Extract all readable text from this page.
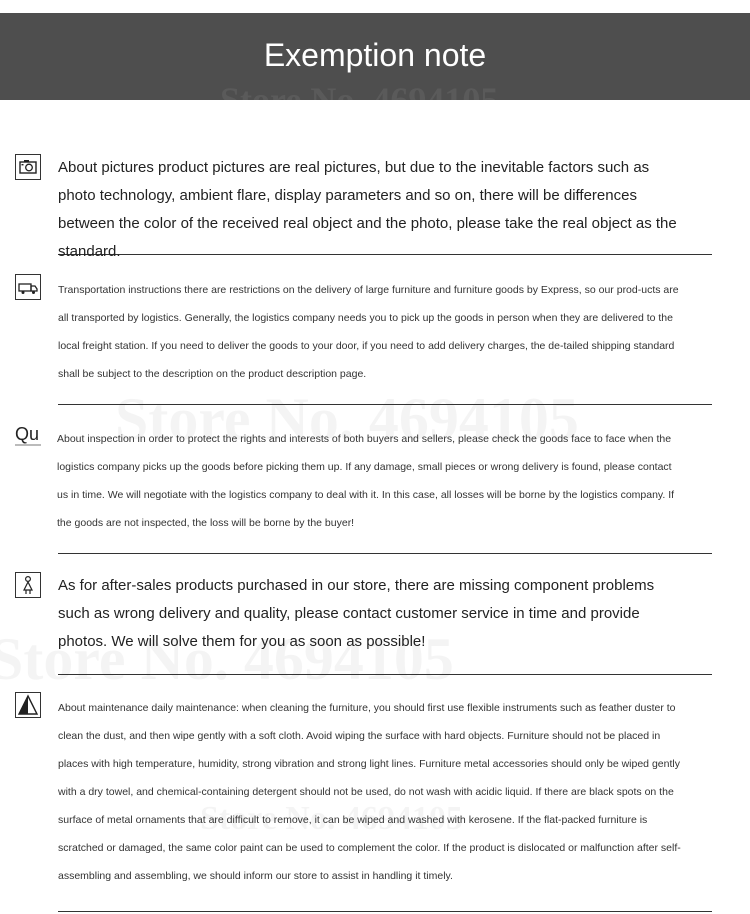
Store No. 4694105
Exemption note

About pictures product pictures are real pictures, but due to the inevitable factors such as photo technology, ambient flare, display parameters and so on, there will be differences between the color of the received real object and the photo, please take the real object as the standard.

Transportation instructions there are restrictions on the delivery of large furniture and furniture goods by Express, so our prod-ucts are all transported by logistics. Generally, the logistics company needs you to pick up the goods in person when they are delivered to the local freight station. If you need to deliver the goods to your door, if you need to add delivery charges, the de-tailed shipping standard shall be subject to the description on the product description page.

Qu About inspection in order to protect the rights and interests of both buyers and sellers, please check the goods face to face when the logistics company picks up the goods before picking them up. If any damage, small pieces or wrong delivery is found, please contact us in time. We will negotiate with the logistics company to deal with it. In this case, all losses will be borne by the logistics company. If the goods are not inspected, the loss will be borne by the buyer!

As for after-sales products purchased in our store, there are missing component problems such as wrong delivery and quality, please contact customer service in time and provide photos. We will solve them for you as soon as possible!

About maintenance daily maintenance: when cleaning the furniture, you should first use flexible instruments such as feather duster to clean the dust, and then wipe gently with a soft cloth. Avoid wiping the surface with hard objects. Furniture should not be placed in places with high temperature, humidity, strong vibration and strong light lines. Furniture metal accessories should only be wiped gently with a dry towel, and chemical-containing detergent should not be used, do not wash with acidic liquid. If there are black spots on the surface of metal ornaments that are difficult to remove, it can be wiped and washed with kerosene. If the flat-packed furniture is scratched or damaged, the same color paint can be used to complement the color. If the product is dislocated or malfunction after self-assembling and assembling, we should inform our store to assist in handling it timely.
